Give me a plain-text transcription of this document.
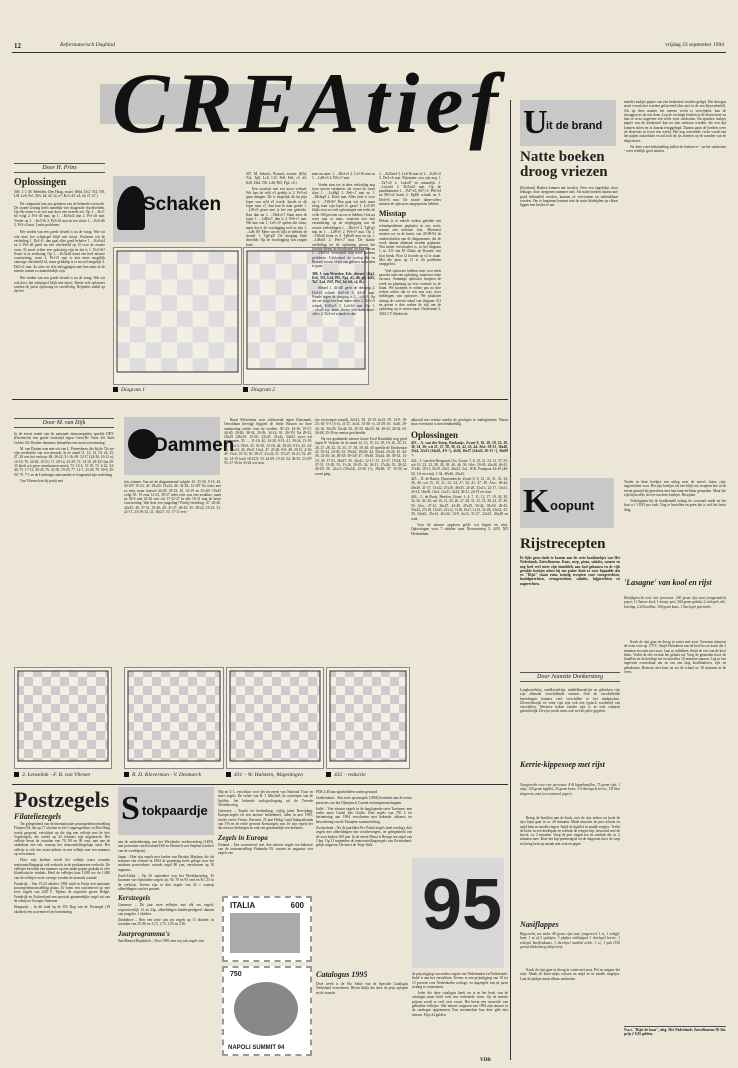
12	Reformatorisch Dagblad	vrijdag 23 september 1994
CREAtief
Door H. Prins
Oplossingen
306. 1. J. M. Beleiden, Den Haag, zwart: (K6d, Dc2, Tf4, Tf6, Lf8, Le8, Pe1, Pe5, b4, d2, f2, e7; Kc5, d5, e4, e6, f5, h7.)
De componist laat ons genieten van de behende overtocht. De zwarte koning heeft namelijk vier diagonale vluchtvelden. Op elk ervan is er een mat door een tweede zet. Op 1. ...Kc5-b4 volgt 2. Pe1-d3 mat, op 1. ...Ke5xf4 dan 2. Pe1-d3 mat. Verder op 1. ...Kc5-f6 2. Pe5-d3 mat en ten slotte 1. ...Ke5-d6 2. Pc5-c4 mat. Leuke probleem.
Het vinden van een goede sleutel is nu de vraag. Wat wit ook doet, het schijnspel blijft niet intact. Proberen wit de verleiding 1. De2-f1, dan gaat alles goed behalve 1. ...Ke5xf4 en 2. Pe1-d3 geeft nu een vluchtveld op f3 voor de zwarte vorst. Er moet echter een oplossing zijn en dat is 1. Dc2-d1! Zwart is in zetdwang. Op 1. ...Kc5xd4 komt een heel nieuwe voortzetting, want 2. Pe1-f3 mat is niet meer mogelijk vanwege vluchtveld e3, maar gelukkig is er nu wel mogelijk 2. Dd1-a1 mat. Zo zien we drie uitleggingen met hun mats in de meeste ruimte zo aantrekkelijk zijn.
Het vinden van een goede sleutel is nu de vraag. Wat wit ook doet, het schijnspel blijft niet intact. Reeds vele oplossers zonden de juiste oplossing en onvolledig. Reijnders meldt op dat het
Schaken

Diagram 1
307. M. Subotic, Brussel, zwaart: (K5d, Tc4, Tg8, Lc8, Lf5, Pe8, Pe6, c5, d3, Kd5, Dh4, Tf8, Ld8, Pb5, Pg2, c6.)
Een zwartste met een mooi verhaal. Wit kan de veld e3 gedekt is 2. Pe5-e4 gaan dringen. De is mogelijk dit bij pijn loper van veld e5 wordt. Speelt er dit loper naar c7, dan kan ik naar goede 1. ...Lf8-e5 gezet met je het een gedeelte. Kan dan nu 1. ...Dh4-e1! Staat men de loper 1. ...Ld8xc7, dan is 2. Pe6-c7 mat. Wit kan ook 1. Le5-c3! spelen die slotte, maar dat is de voorligging toch er zijn 1. ...Ld6 f8? Meer succes lijkt te hebben de sleutel 1. Tg8-g5! De dreiging blijft dezelfde. Op de voorlegging van zorgen kom-
Diagram 2
men nu naar: 1. ...Dh4-e1 2. Le5-f6 mat en 1. ...Ld8-e5 2. Pf6-e7 mat.
Verder zien we in deze verleiding nog twee mooie varianten: als zwart de toren slaat 1. ...Lxf8g5 2. Pe6-c7 mat en 1. ...Dh4xg5 2. Dxe4 mat. Alles fade is voor op 1. ...Tf8-f6? Dan gaat wit toch maar terug naar zijn loper te gaan! 1. Le5-f6! blijkt voor zo veel oplossingen een reeks de volle 100 procent succes te hebben. Ook nu weer zijn er mats, waarvan een met verandering, op de weglegging wat de zwarte verleidingen 1. ...Dh4-e1 2. Tg8-g5 mat en 1. ...Ld8-e5 2. Pe6-e7 mat. Op 1. ...Tf8xf6 komt er 2. Tg8xf8 mat en op 1. ...Ld8xf6 2. Pe6-c7 mat. De laatste verleiding en de oplossing geven het fraaiste thema de deursleutel en daarmee na 1. ...Dh4-e1 verwisselt. Een triest modern probleem. Uitsluitend de oorlog die in Brussel woont, blijkt ons gelezen maar daar te gaan.
308. J. van Weerden, Ede, driezet; (Kg1, Dc6, Tf1, Le4, Pf5, Pg4, d2, d6, g6; Kd5, Ta7, La1, Pd7, Pb5, b4, b6, c4, f6.)
Sleutel 1. d2-d4! geeft de dreiging 2. Dc6-f3 schaak Kd5-e6 3. d4-d5 mat. Parade tegen de dreiging is 1. ...c4-c3. Op die zet volgt een fraai dame-offer 2. Dc6-c5 schaak, Kd5xc5 3. Le4-b3 mat. Op 1. ...c4xd3 e.p. komt alweer een fraai dame-offer: 2. Dc6-e4 schaak en dan
2. ...Kd5xe4 3. Le4-f6 mat of 2. ...Kd5-c5 3. De4-c6 mat. Bijvanten: zou zijn nog 1. ...Ta7-a5 2. Le4xd7 en natuurlijk 1. ...La1xd4 2. Dc5xd4 mat. Op de paaddommen 1. ...Pd7-e5, Pd7-c5, Pb5-d4 en Pb5-a3 komt 2. Pg4f6 schaak en 3. De4-e6 mat. De mooie dame-offers mooien de oplossers aangeprezen hebben.
Misstap
Helaas is er enkele weken geleden een schaakprobleem geplaatst in ons werk, waarin een serieuze fout. Allereerst moeten we in de kruist van 26-08-94 de onderschriften van de diagrammen, die de week daarna allemaal werden geplaatst. Wat netter verwisselen is, in het diagram 1, nr. 311 van M. Dukic uit Kroatië, een fout breuk. Pion f2 hoorde op e2 te staan. Met die pion op f2 is dit probleem onopgelost.
Veel oplossers hebben toen voor niets gezocht naar een oplossing, waarvoor onze excuses. Sommige oplossers hoopten de week na plaatsing op een correctie in de krant. We kwamen er echter pas na drie weken achter dat er iets mis was, door meldingen van oplossers. We plaatsten alsnog de correcte stand van diagram 311 en geven u drie weken de tijd om de oplossing op te sturen naar: IJsselstraat 3, 3363 CV Sliedrecht.
U
it de brand
Natte boeken droog vriezen
(Kosthuis) Boeken kunnen nat worden. Over een ongelukje, door lekkage, door inregenen nummer niet. Als natte boeken daarna niet goed behandeld worden, kunnen ze vervormen en onbruikbaar worden. Om te beginnen kunnen niet de natte bladzijden op elkaar liggen met beslist te nat.
mende) stukjes papier van een keukenrol worden gelegd. Het droogen moet vooral niet worden geforceerd (dus niet in de zon bijvoorbeeld). Als op deze manier het meeste vocht is verwijderd, kan de droogproces de rest doen. Leg de vochtige boeken in de diepvriezer en laat ze in zo ongeveer een week weer ontdooien. Na opnieuw stukjes papier van de keukenrol kan nu dan ontstaan worden, die een tijd kunnen zitten en in daarna teruggelegd. Daarna gaan de boeken weer de diepvries in (voor een week). Het nog resterende vocht wordt van het papier onttrokken en zal zich als ijs afzetten op de wanden van de diepvriezer.
Na deze vries-behandeling zullen de boeken er - na het ontdooien - weer redelijk goed uitzien.
Door M. van Dijk
In de eerste ronde van de nationale damcompetitie speelde DDV (Dordrecht) een goede wedstrijd tegen Ceres/De Vaste Zet Zuid Gelder. De Dordtse dammers behaalden een mooi overwinning.
M. van Druten won met wit van L. Pietersbeen, die bij de 72e zet zijn overleefde van vervoerende. In de stand 11, 13, 14, 18, 24, 25, 27, 28 was het verloop: 68. 28-22, 31-16; 69. 22-17 (24-20, 16-21 x), 14-19; 70. 24-20, 19-23; 71. 20-14, 23-29; 72. 14-10, 29-34? (na 29-33 heeft wit geen winstkansen meer); 73. 10-4, 13-19; 74. 4-22, 34-40; 75. 17-12, 40-45; 76. 22-50, 19-23; 77. 12-7, 23-28; 78. 50-6, 45-50; 79. 7-1 en de Limburger aanvaardde er leugenriid zijn nederlaag.
Van Vliesen kon hij partij met
Dammen
iets winnen. Van uit de diagramstand volgde: 43. 35-30, 5-13; 44. 34-29? 19-23; 45. 29x20, 15x44; 46. 32-28, 12-18? Na ichsc met zo mee, maar hoewel 44-49, 28-23, 45. 22-19 en 35-40? 19x45 volgt 50. 19 zout 12-23, 38-27 ieder zich was een zwakker, maar na 50-6 niet 45-20 win wit 17-22-27 in alle 16-21 nog de beste voortzetting. Wat doet een jongeling? Parttij-verteiling: 47. 45-40, 44x35; 48. 37-31, 35-40; 49. 31-27, 40-45; 50. 28-22, 18-23; 51. 22-17, 23-29; 52. 21, 16x27; 53. 17-11 een -
Ruud Kleverman won schitterend tegen Dousmark. Onvoldaan bevrijgt bijgoed de beide Bussen na deze ontmoeting verder voor de verdere. 39-.43, 44-16, 19-37; 44-40, 29-20; 38-34, 20-39; 34-14; 91. 40-35? Na 29-23, 18x29 (28x19, 15-26, 22x35, 31x4), 34x32 stoot wit gewonnen. 35. ..., 11-16; 40. 34-30, 9-13; 41. 30-24, 13-19; 42. 24x13, 18x9; 43. 35-30, 12-18; 44. 30-24, 9-13; 45. 24-20, 15x24; 46. 29x9, 13x4; 47. 25-20, 8-9; 48. 20-15, 4-10; 49. 15x4, 10-15; 50. 38-27, 21x32; 51. 37x27, 16-21; 52. 49-44, 14-19 (zich 18-22?); 53. 44-39, 19-23; 54. 38-33, 23-29? 55. 27-16 en 33-24 wit won.
ten overwegen waard), 32x21; 58. 15-10, 6x15; 59. 14-9, 18-23; 60. 9-3 (3-4), 21-27, 4x31, 53-38 +), 23-29; 61. 3x26, 29-34; 62. 30x39, 33x44; 63. 45-39, 44x35; 64. 48-43, 28-32; 65. 26-48, 35-39 en remise geschiedde.
Na een gealarmde nieuwe krone Ford Rondoliik nog goed tegen N. Verjeen. In de stand 12, 13, 15, 16, 18, 19, 20, 24, 25, 26, 27, 28, 32, 33, 35, 37, 38, 39, 40, 45 speelde de Dordtenaar 42. 35-34, 24-30; 43. 39x24, 19x39; 44. 33x44, 20-24; 45. 44-39, 24-30; 46. 40-35! 30-34? 47. 39x30, 35x44; 48. 38-33, 13-19; 49. 37-31, 26x37; 50. 32x41, 12-17; 51. 41-37, 19-24; 52. 37-31, 15-20; 53. 31-26, 20-25; 54. 26-21, 17x26; 55. 28-22, 26-29; 56. 22x13 (19x24), 25-30 (+), 29x38; 57. 35-30 en zwart ging
akkoord met remise zonder de gevolgen te ondergrenzen. Waren door overtracht is niet denkbeeldig.
Oplossingen
423 – A. van der Stoep, Rockanje. Zwart 9, 16, 18, 19, 22, 29, 30, 34, 36; wit 21, 27, 38, 39, 41, 42, 43, 44. Afw: 38-33, 36x40, 33x4, 22x31 (34x43, 4-9 +), 4x36, 16x27 (34x43, 36-13 +), 36x69 +.
424 – J. van den Hoogaard, Oss. Zwart: 7, 8, 10, 21, 24, 31, 37, 55; wit 19, 22, 23, 28, 30, 38, 40, 46, 50. Afw: 50-45, 24x44, 46-41, 37x46, 19-13, 8x19, 23x5, 46x23, 5x1, W.R. Pomposa 44-49 (46-50, 1-6 en wint), 1-34, 49x40, 45x43.
425 – D. de Ruiter, Duivendrecht. Zwart 8, 9, 12, 16, 31, 33, 34, 36, 40; wit 15, 19, 21, 22, 24, 27, 32, 41, 47, 49. Afw.: 49-44, 40x49, 41-37, 31x42, 47x40, 49x35, 24-20, 35x13, 22-17, 13x31, 20-14, 16x38, 14x3, 12x21, 3x24, 36-41, 24-19 en wint.
426 – L. de Rooij, Heerlen. Zwart: 1, 4, 7, 11, 12, 17, 19, 24, 30, 34, 36, 39, 45; wit 16, 21, 25, 26, 27, 28, 31, 32, 33, 38, 42, 47, 49, 50. Afw.: 47-41, 36x47, 44-40, 47x29, 50-44, 39x50, 49-43, 50x22, 27x18, 12x23, 21x12, 7x18, 16x7, 1x12, 32-28, 23x32, 43-39, 34x43, 25x14, 45x34, 14-9, 4x13, 31-27, 22x21, 26x48 en wint.
Voor de nieuwe opgaven geldt: wit begint en wint. Oplossingen voor 7 oktober naar Nieuwenweg 5, 4251 ND Werkendam.
3. Lenselink - F. B. van Vliesen	R. D. Kleverman - V. Desmarck	431 – W. Hulstein, Wageningen	432 – redactie
K oopunt
Rijstrecepten
Er lijkt geen einde te komen aan de serie kookboekjes van Het Nederlands Zuivelbureau. Kaas, soep, pizza, salades, sauzen en nog heel veel meer zijn inmiddels aan bod gekomen en de rijk gevulde boekjes zitten bij ons pakte doelt ze voor bepaalde dat er. "Rijst" staan ruim twintig recepten voor voorgerechten, hoofdgerechten, ovengerechten, salades, bijgerechten en nagerechten.
Verder in deze boekjes een uitleg over de zuivel, boter, rijst, nagerechten voor. Het zijn boekjes als een blijft uit, recepten hoe in de eerste gezond bij gerechten met hun kant-en-klaar gemaakte. Maar het zijn bijna alles in een van deze boekjes. Recepten.
Verkrijgbaar bij de boekhandel zolang de voorraad strekt en het kost u ƒ 10,95 per stuk. Nog te bestellen en geen dat is wel het beste ding.
Door Jeanette Donkersteeg
Langkorrelrijst, rondkorrelrijst, middelkorrelrijst en gebroken rijst zijn allemaal verschillende soorten. Ook de verschillende bereidingen kunnen veel verschillen in het eindproduct. Zilvervliesrijst en witte rijst zijn ook een typisch voorbeeld van verschillen. Westerse koken zonder rijst is in vele culturen gebruikelijk. De rijst wordt soms ook wel als pilav gegeten.
Kerrie-kippesoep met rijst
Voorgerecht voor vier personen: 8 dl kippebouillon, 75 gram rijst, 1 uitje, 150 gram kipfilet, 25 gram boter, 3-4 theelepels kerrie, 1/8 liter slagroom, zout (en eventueel peper).
Breng de bouillon aan de kook, roer de rijst erdoor en kook de rijst bijna gaar in ca. 20 minuten. Maak intussen de prei schoon en snijd hem in smalle ringen. Snijd de kipfilet in smalle reepjes. Verhit de boter in een koekepan en roerbak de reepjes kip, bestrooid met de kerrie, ca. 3 minuten. Voeg de prei ringen toe en roerbak die ca. 2 minuten mee. Roer het kip-preimengsel en de slagroom door de soep en breng hem op smaak met zout en peper.
Nasiflappes
Bijgerecht, zes stuks: 80 gram rijst zout, (ongeveer) 1 ei, 1 schijfje ham, 1 ui of 2 sjalotjes, 3 plakjes ontbijtspek 1 theelepel kerrie, 1 eetlepel knoflooksaus, 1 theelepel sambal oelek, 1 ei, 1 pak (150 gram) bladerdeeg (diepvries).
Kook de rijst gaar in droog in water met zout. Pel en snipper het uitje. Maak de lente-uitjes schoon en snijd ze in smalle ringetjes. Laat de plakjes naast elkaar ontdooien.
'Lasagne' van kool en rijst
Hoofdgerecht voor vier personen: 250 gram rijst zout (zongemalen) peper, 1 Chinese kool, 1 doosje prei, 500 gram gehakt, 2 eetlepels olie, ketchup, 2 dl bouillon, 100 gram kaas, 1 theelepel peterselie.
Kook de rijst gaar en droog in water met zout. Verwarm intussen de oven voor op 175°C. Snijd 8 bladeren van de kool los en kook die 2 minuten in water met zout. Laat ze uitlekken. Snijd de rest van de kool klein. Verhit de olie en bak het gehakt rul. Voeg de gesneden kool, de bouillon en de ketchup toe en laat alles 10 minuten smoren. Leg in een ingevette ovenschaal om en om een laag koolbladeren, rijst en gehaktsaus. Bestrooi met kaas en zet de schaal ca. 30 minuten in de oven.
N.a.v. "Rijst de baas", uitg. Het Nederlands Zuivelbureau 95 blz. prijs ƒ 6,95 gelden.
Postzegels
Filateliezegels
Ter gelegenheid van de internationale postzegeltentoonstelling Filapost 94, die op 17 oktober in het Congresgebouw in Den Haag wordt geopend, verschijnt op die dag een velletje met de drie Vogelzegels, die verder op 22 februari zijn uitgebracht. Het velletje bevat de waarden van 70, 80 en 90 cent, met aan de onderkant een tab, waarop het tentoonstellingslogo staat. Het velletje is ook een zwart-afdruk en een velletje met een nummer op verschenen.
Door zijn boeken wordt het velletje naast normale tentoonstellingsprijs ook verkocht in de postkantoren verkocht. De velletjes bevatten een nummer op een ander papier gedrukt in vele filatelistische winkels. Heel de velletjes kost 1.000 toe de 1.000 van de velletjes en de overige worden de normale waarde.
Frankrijk – Van 15-24 oktober 1994 vindt in Parijs een nationale postzegeltentoonstelling plaats. Er komt een souvenirvel uit met twee zegels van 2,80 F. Tijdens de expositie geven België, Frankrijk en Zwitserland een speciale gezamenlijke zegel uit van de schrijver Georges Simenon.
Hongarije – In dit land op de 67e Dag van de Postzegel (19 oktober) een souvenirvel ter herinnering.
S tokpaardje
aan de ondertekening van het Westfaalse vredesverdrag (1495), met portretten van Rowland Hill en Heinrich von Stephan (stichter van de wereldpost).
Japan – Hier zijn zegels met boeket van Hosuko Matjima, die als minister van verkeer in 1894 de grondslag heeft gelegd voor het moderne postverkeer; waarde zegel 80 yen, verschenen op 10 augustus.
Zuid-Afrika – Op 30 september was het Wereldpostdag. Er kwamen vier bijzondere zegels uit: 50, 70 en 95 cent en R 1,15 in de verkoop. Tevens zijn er drie zegels van 45 c waarop afbeeldingen van het postnet.
Kerstzegels
Guernsey – Dit jaar twee velletjes met elk zes zegels, respectievelijk 13 en 24p, afbeeldingen kinderspeelgoed: dansen van jongeler. 1 oktober.
Zimbabwe – Hier een serie van zes zegels op 11 oktober, in waarden van 35, 80 en 1,15, 1,75, 1,95 en 2,50.
Jaarprogramma's
San Marino/Republiek – Voor 1995 zien wij ook zegels van
50p en £ 1, verschijnt voor het invoeren van National Trust en meer zegels. De versie van R. J. Mitchell, de ontwerper van de Spitfire, het bekende oorlogsvliegtuig uit de Tweede Wereldoorlog.
Guernsey – Zegels ter herdenking, vijftig jaren Bevrijding, Europa-zegels en een nieuwe heldenbrief, allen in mei 1995; verder series Vissen, Kersmis, 25 jaar Heilig Land Sukayathanda van VN en de echte gewone Kerstzegels van. Er zijn regels der dat nieuwe herbergen en ook een gezamenlijk een kerstmis.
Zegels in Europa
Finland – Een souvenirvel met drie nieuwe zegels ten behoeve van de tentoonstelling Finlandia 95, waarin ze augustus vier zegels van
ITALIA	600
750
NAPOLI SUMMIT 94
FIM 2,40 aan sportheldeen waren getoond.
Griekenland – Een serie sportzegels (1994) herinnert aan de eerste preseries van het Olympisch Comité en kampioenschappen.
Italië – Vier nieuwe zegels in de langlopende serie Toerisme, met onder meer Castel San Giullo. Drie zegels van 750 L ter herinnering aan 1994 verschenen met bekende afkomst ter bevordering van de Europese samenwerking.
Zwitserland – Na de jaarlijkse Pro Patria-zegels (met toeslag), drie zegels met afbeeldingen van voortbewegers, ter gelegenheid van de voor kerken 100 jaar. In de eerste Mena 'n Berege ten zegel van 1 km. Op 21 september de tentoonstellingszegels van Zwitserland: gelijk uitgaven. De-moet de 'Stop-Aids'.
95
Catalogus 1995
Deze week is de Sla 'editie van de Speciale Catalogus Nederland verschenen. Hierin blijkt dat door de prijs oplopen en de waarde.
de prijsstijging van oudere zegels van Nederlandse en Nederlands-Indië is aan het vertrekken. Tevens is een prijsstijging van 10 tot 15 procent voor Nederlandse oorlogs- en dagzegels van de jaren twintig te constateren.
Ieder die deze catalogus heeft en is in het bezit van de catalogus maar heeft toch een verbeterde vorm. Op de meeste prijzen wordt er veel over zwart. Het bevat een overzicht van gebruikte velletjes. Alle nieuwe uitgaven van 1994 zijn nieuwe in de catalogus opgenomen. Een verzamelaar kan deze gids niet missen. Prijs 24 gulden.
VDR
